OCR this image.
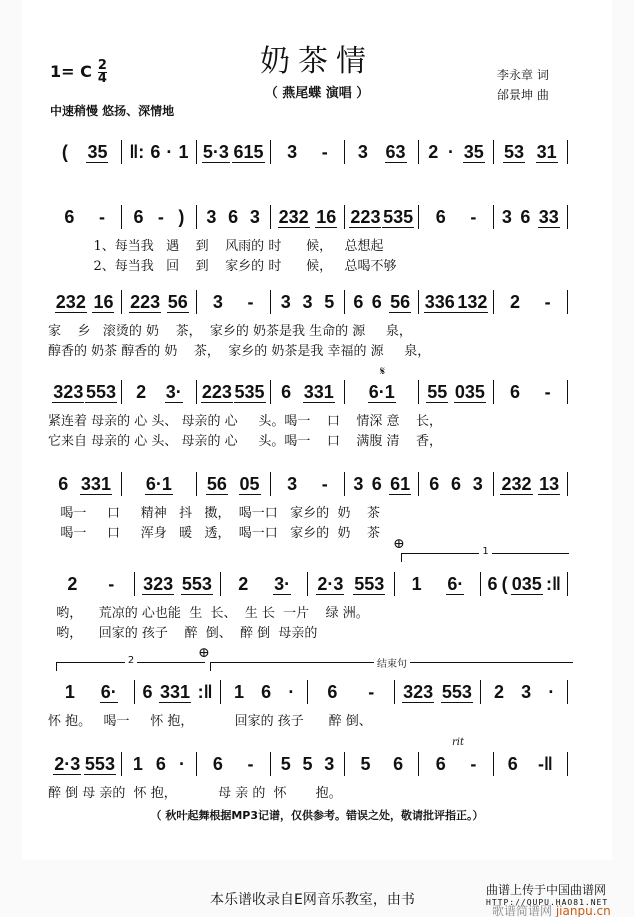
奶茶情
（ 燕尾蝶 演唱 ）
李永章 词
邰景坤 曲
1= C $\frac{2}{4}$
中速稍慢 悠扬、深情地
( 35 ‖: 6 · 1 5·3 615 3 - 3 63 2 · 35 53 31
6 - 6 - ) 3 6 3 232 16 223 535 6 - 3 6 33
1、每当我   遇    到    风雨的 时      候，   总想起
2、每当我   回    到    家乡的 时      候，   总喝不够
232 16 223 56 3 - 3 3 5 6 6 56 336 132 2 -
家    乡   滚烫的 奶    茶，  家乡的 奶茶是我 生命的 源     泉，
醇香的 奶茶 醇香的 奶    茶，  家乡的 奶茶是我 幸福的 源     泉，
323 553 2 3· 223 535 6 331 6·1 55 035 6 -
紧连着 母亲的 心 头、 母亲的 心     头。喝一    口    情深 意    长，
它来自 母亲的 心 头、 母亲的 心     头。喝一    口    满腹 清    香，
6 331 6·1 56 05 3 - 3 6 61 6 6 3 232 13
喝一     口     精神   抖   擞，  喝一口   家乡的  奶    茶
喝一     口     浑身   暖   透，  喝一口   家乡的  奶    茶
2 - 323 553 2 3· 2·3 553 1 6· 6 ( 035 :‖
哟，    荒凉的 心也能  生  长、  生 长  一片    绿 洲。
哟，    回家的 孩子    醉  倒、  醉 倒  母亲的
1 6· 6 331 :‖ 1 6 · 6 - 323 553 2 3 ·
怀 抱。   喝一     怀 抱，          回家的 孩子      醉 倒、
2·3 553 1 6 · 6 - 5 5 3 5 6 6 - 6 -‖
醉 倒 母 亲的  怀 抱，          母 亲 的  怀       抱。
𝄋
⊕	1
⊕
2	结束句
rit
（ 秋叶起舞根据MP3记谱，仅供参考。错误之处，敬请批评指正。）
曲谱上传于中国曲谱网
HTTP://QUPU.HAO81.NET
本乐谱收录自E网音乐教室，由书
歌谱简谱网 jianpu.cn
